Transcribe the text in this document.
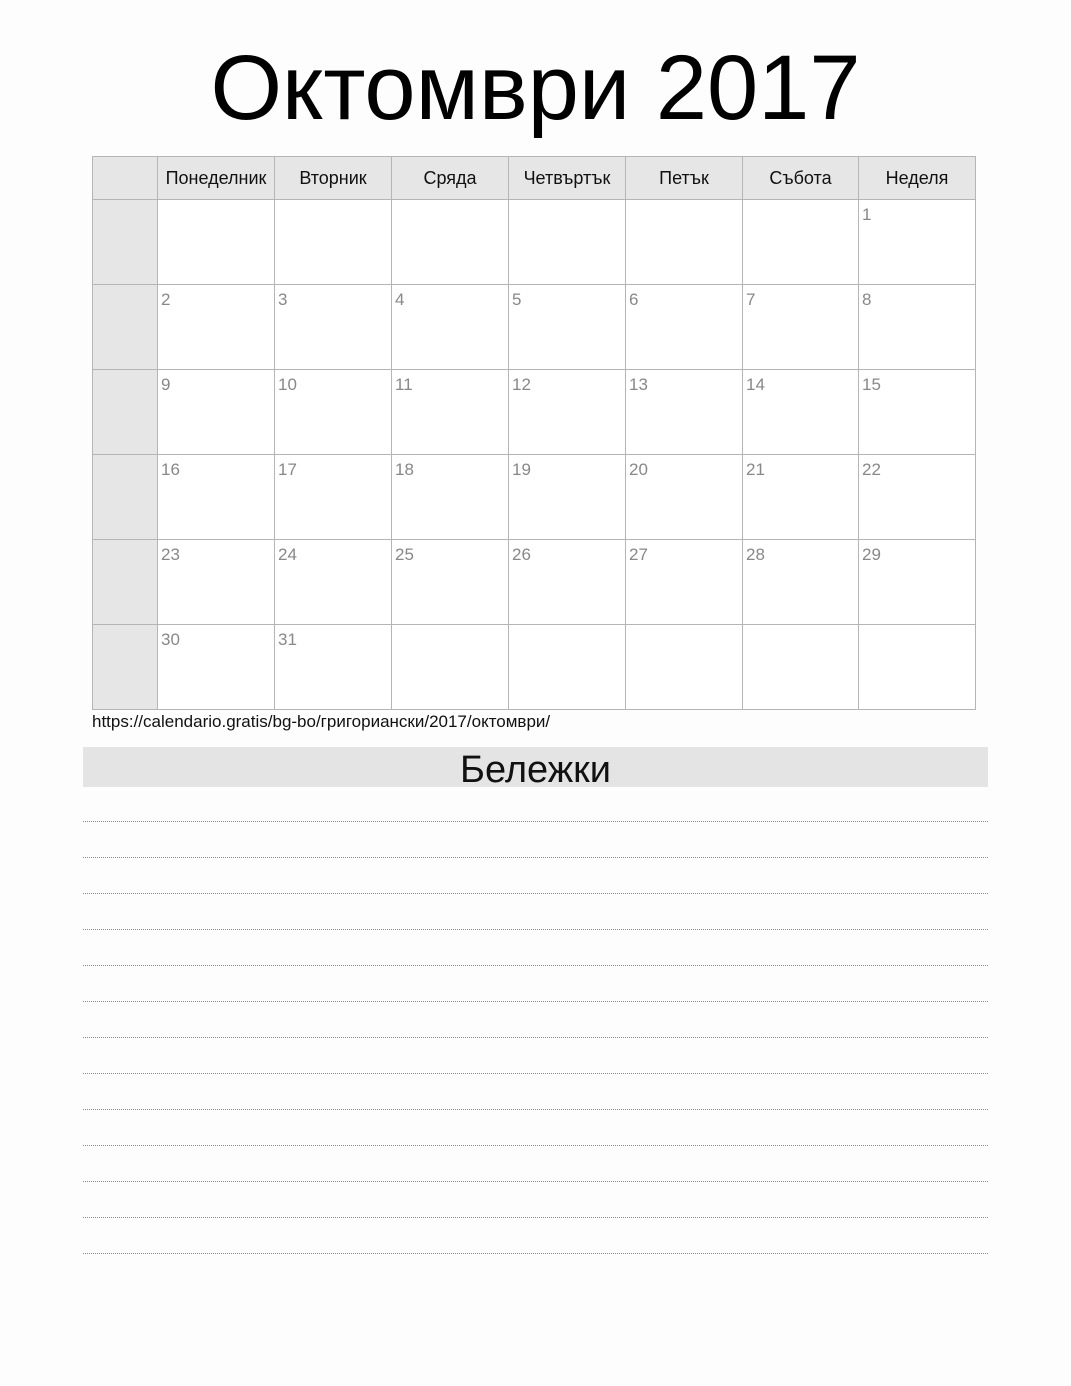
Октомври 2017
	Понеделник	Вторник	Сряда	Четвъртък	Петък	Събота	Неделя

							1

	2	3	4	5	6	7	8

	9	10	11	12	13	14	15

	16	17	18	19	20	21	22

	23	24	25	26	27	28	29

	30	31					

https://calendario.gratis/bg-bo/григориански/2017/октомври/
Бележки
